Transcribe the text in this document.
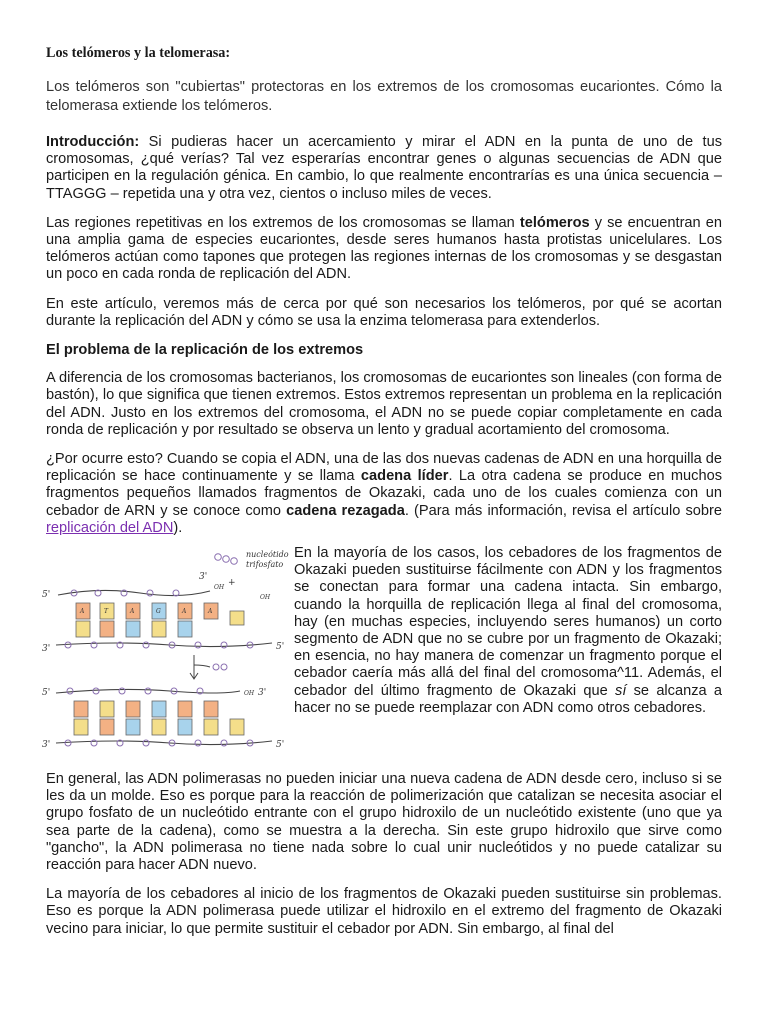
Los telómeros y la telomerasa:

Los telómeros son "cubiertas" protectoras en los extremos de los cromosomas eucariontes. Cómo la telomerasa extiende los telómeros.

Introducción: Si pudieras hacer un acercamiento y mirar el ADN en la punta de uno de tus cromosomas, ¿qué verías? Tal vez esperarías encontrar genes o algunas secuencias de ADN que participen en la regulación génica. En cambio, lo que realmente encontrarías es una única secuencia – TTAGGG – repetida una y otra vez, cientos o incluso miles de veces.

Las regiones repetitivas en los extremos de los cromosomas se llaman telómeros y se encuentran en una amplia gama de especies eucariontes, desde seres humanos hasta protistas unicelulares. Los telómeros actúan como tapones que protegen las regiones internas de los cromosomas y se desgastan un poco en cada ronda de replicación del ADN.

En este artículo, veremos más de cerca por qué son necesarios los telómeros, por qué se acortan durante la replicación del ADN y cómo se usa la enzima telomerasa para extenderlos.

El problema de la replicación de los extremos

A diferencia de los cromosomas bacterianos, los cromosomas de eucariontes son lineales (con forma de bastón), lo que significa que tienen extremos. Estos extremos representan un problema en la replicación del ADN. Justo en los extremos del cromosoma, el ADN no se puede copiar completamente en cada ronda de replicación y por resultado se observa un lento y gradual acortamiento del cromosoma.

¿Por ocurre esto? Cuando se copia el ADN, una de las dos nuevas cadenas de ADN en una horquilla de replicación se hace continuamente y se llama cadena líder. La otra cadena se produce en muchos fragmentos pequeños llamados fragmentos de Okazaki, cada uno de los cuales comienza con un cebador de ARN y se conoce como cadena rezagada. (Para más información, revisa el artículo sobre replicación del ADN).

nucleótido
trifosfato
3'
OH +
OH
5'
A	T	A	G	A	A
3'	5'
5'	OH 3'
3'	5'

En la mayoría de los casos, los cebadores de los fragmentos de Okazaki pueden sustituirse fácilmente con ADN y los fragmentos se conectan para formar una cadena intacta. Sin embargo, cuando la horquilla de replicación llega al final del cromosoma, hay (en muchas especies, incluyendo seres humanos) un corto segmento de ADN que no se cubre por un fragmento de Okazaki; en esencia, no hay manera de comenzar un fragmento porque el cebador caería más allá del final del cromosoma^11. Además, el cebador del último fragmento de Okazaki que sí se alcanza a hacer no se puede reemplazar con ADN como otros cebadores.

En general, las ADN polimerasas no pueden iniciar una nueva cadena de ADN desde cero, incluso si se les da un molde. Eso es porque para la reacción de polimerización que catalizan se necesita asociar el grupo fosfato de un nucleótido entrante con el grupo hidroxilo de un nucleótido existente (uno que ya sea parte de la cadena), como se muestra a la derecha. Sin este grupo hidroxilo que sirve como "gancho", la ADN polimerasa no tiene nada sobre lo cual unir nucleótidos y no puede catalizar su reacción para hacer ADN nuevo.

La mayoría de los cebadores al inicio de los fragmentos de Okazaki pueden sustituirse sin problemas. Eso es porque la ADN polimerasa puede utilizar el hidroxilo en el extremo del fragmento de Okazaki vecino para iniciar, lo que permite sustituir el cebador por ADN. Sin embargo, al final del
